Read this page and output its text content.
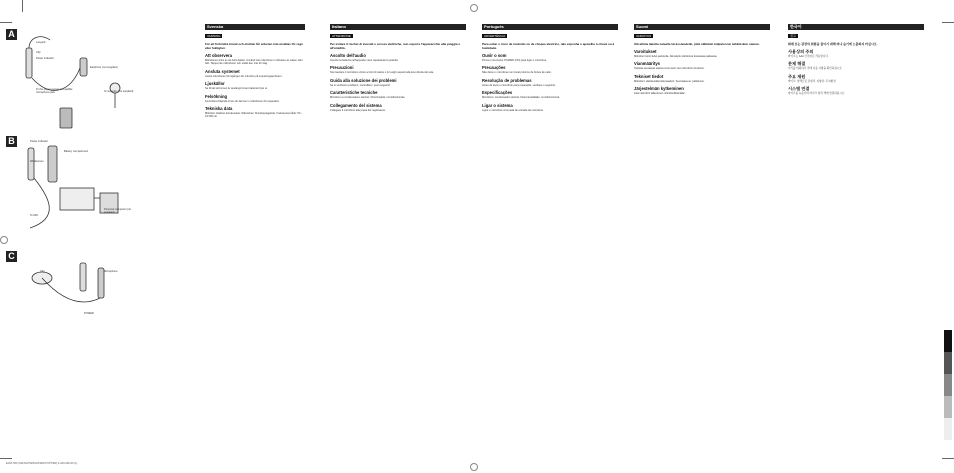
A
B
C
Lanyard
Clip
Power indicator
Earphone (not supplied)
To the plug in power compatible microphone jack	IC recorder (not supplied)
Power indicator
Battery compartment
Windscreen
To MIC
Personal computer (not supplied)
Clip	Microphone
POWER
Svenska
VARNING
För att förhindra brand och elstötar får enheten inte utsättas för regn eller fuktighet.
Att observera
Mikrofonen drivs av ett AAA-batteri. Använd inte mikrofonen i närheten av vatten eller fukt. Tappa inte mikrofonen och utsätt den inte för slag.
Ansluta systemet
Anslut mikrofonen till ingången för mikrofon på inspelningsenheten.
Ljuskällor
Se till att strömmen är avstängd innan batteriet byts ut.
Felsökning
Kontrollera följande innan du lämnar in mikrofonen för reparation.
Tekniska data
Mikrofon: Elektret kondensator. Riktverkan: Rundupptagande. Frekvensområde: 50 – 15 000 Hz.
Italiano
ATTENZIONE
Per evitare il rischio di incendi o scosse elettriche, non esporre l'apparecchio alla pioggia o all'umidità.
Ascolto dell'audio
Inserire la batteria nell'apposito vano rispettando la polarità.
Precauzioni
Non lasciare il microfono vicino a fonti di calore o in luoghi esposti alla luce diretta del sole.
Guida alla soluzione dei problemi
Se si verificano problemi, controllare i punti seguenti.
Caratteristiche tecniche
Microfono a condensatore electret. Direzionalità: omnidirezionale.
Collegamento del sistema
Collegare il microfono alla presa del registratore.
Português
ADVERTÊNCIA
Para evitar o risco de incêndio ou de choque eléctrico, não exponha o aparelho à chuva ou à humidade.
Ouvir o som
Prima o interruptor POWER (ON) para ligar o microfone.
Precauções
Não deixe o microfone num local próximo de fontes de calor.
Resolução de problemas
Antes de levar o microfone para reparação, verifique o seguinte.
Especificações
Microfone: condensador electret. Direccionalidade: omnidireccional.
Ligar o sistema
Ligue o microfone à tomada de entrada de microfone.
Suomi
VAROITUS
Älä altista laitetta sateelle tai kosteudelle, jotta välttäisit tulipalon tai sähköiskun vaaran.
Varoitukset
Mikrofoni toimii AAA-paristolla. Älä käytä mikrofonia kosteassa paikassa.
Vianmääritys
Tarkista seuraavat seikat ennen kuin viet mikrofonin huoltoon.
Tekniset tiedot
Mikrofoni: elektreettikondensaattori. Suuntaavuus: pallokuvio.
Järjestelmän kytkeminen
Liitä mikrofoni tallentimen mikrofoniliitäntään.
한국어
경고
화재 또는 감전의 위험을 줄이기 위해 비나 습기에 노출하지 마십시오.
사용상의 주의
마이크는 AAA 건전지로 작동합니다.
문제 해결
수리를 의뢰하기 전에 다음 사항을 확인하십시오.
주요 제원
마이크: 일렉트릿 콘덴서. 지향성: 무지향성.
시스템 연결
마이크를 녹음기의 마이크 입력 잭에 연결하십시오.
ECM-TR6 (SW-DAT7ENSV/FI/DK/IT/PT/KR) 4-100-362-60 (1)
